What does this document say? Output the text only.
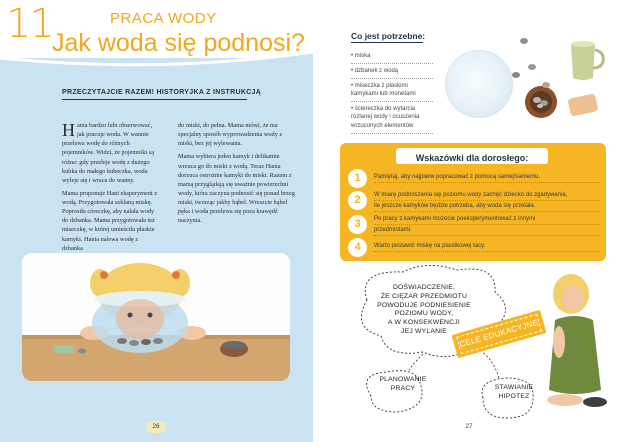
11	PRACA WODY
Jak woda się podnosi?
PRZECZYTAJCIE RAZEM! HISTORYJKA Z INSTRUKCJĄ

Hania bardzo lubi obserwować, jak pracuje woda. W wannie przelewa wodę do różnych pojemników. Widzi, że pojemniki są różne: gdy przeleje wodę z dużego kubka do małego kubeczka, woda wyleje się i wraca do wanny.

Mama proponuje Hani eksperyment z wodą. Przygotowała szklaną miskę. Poprosiła córeczkę, aby nalała wody do dzbanka. Mama przygotowała też miseczkę, w której umieściła płaskie kamyki. Hania nalewa wodę z dzbanka

do miski, do pełna. Mama mówi, że ma specjalny sposób wyprowadzenia wody z miski, bez jej wylewania.

Mama wybiera jeden kamyk i delikatnie wrzuca go do miski z wodą. Teraz Hania dorzuca ostrożnie kamyki do miski. Razem z mamą przyglądają się uważnie powierzchni wody, która zaczyna podnosić się ponad brzeg miski, tworząc jakby bąbel. Wreszcie bąbel pęka i woda przelewa się poza krawędź naczynia.

26
Co jest potrzebne:
• miska
• dzbanek z wodą
• miseczka z płaskimi kamykami lub monetami
• ściereczka do wytarcia rozlanej wody i osuszenia wrzuconych elementów
Wskazówki dla dorosłego:
1	Pamiętaj, aby najpierw popracować z pomocą samej/samemu.
2	W miarę podnoszenia się poziomu wody zachęć dziecko do zgadywania,
ile jeszcze kamyków będzie potrzeba, aby woda się przelała.
3	Po pracy z kamykami możecie poeksperymentować z innymi
przedmiotami.
4	Warto postawić miskę na plastikowej tacy.
DOŚWIADCZENIE,
ŻE CIĘŻAR PRZEDMIOTU
POWODUJE PODNIESIENIE
POZIOMU WODY,
A W KONSEKWENCJI
JEJ WYLANIE
PLANOWANIE
PRACY	STAWIANIE
HIPOTEZ
CELE EDUKACYJNE
27
